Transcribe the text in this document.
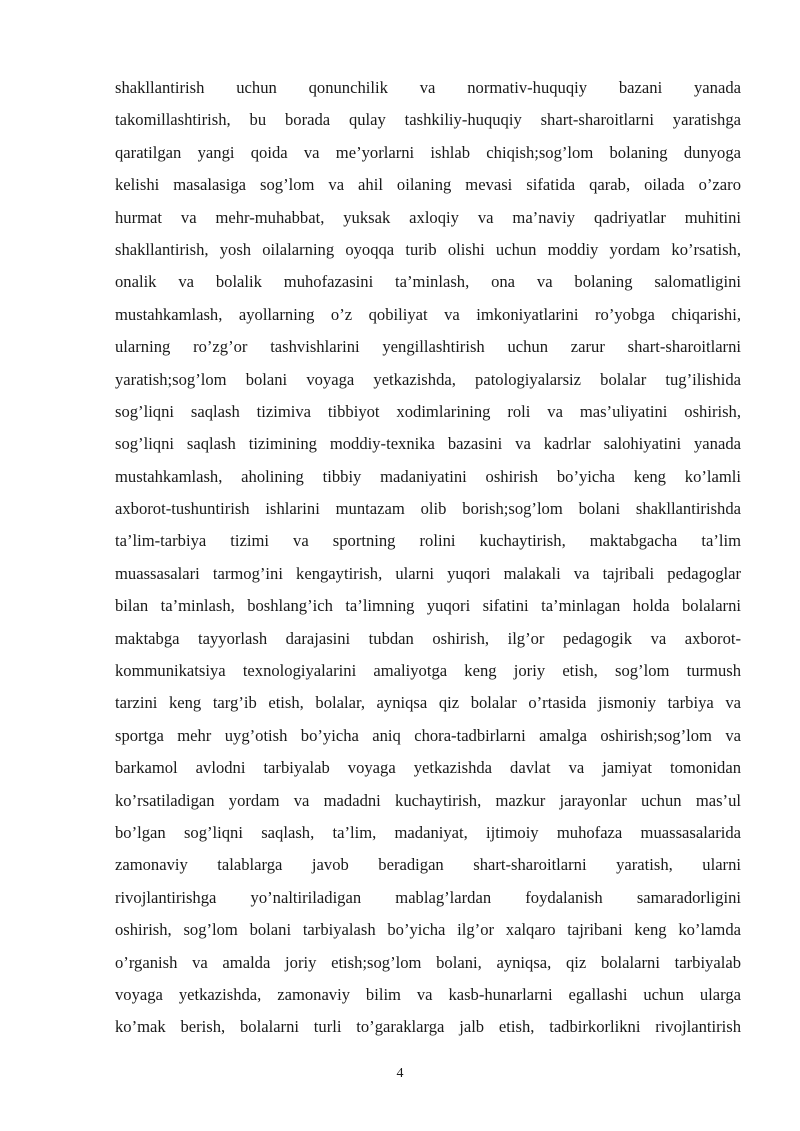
shakllantirish uchun qonunchilik va normativ-huquqiy bazani yanada
takomillashtirish, bu borada qulay tashkiliy-huquqiy shart-sharoitlarni yaratishga
qaratilgan yangi qoida va me’yorlarni ishlab chiqish;sog’lom bolaning dunyoga
kelishi masalasiga sog’lom va ahil oilaning mevasi sifatida qarab, oilada o’zaro
hurmat va mehr-muhabbat, yuksak axloqiy va ma’naviy qadriyatlar muhitini
shakllantirish, yosh oilalarning oyoqqa turib olishi uchun moddiy yordam ko’rsatish,
onalik va bolalik muhofazasini ta’minlash, ona va bolaning salomatligini
mustahkamlash, ayollarning o’z qobiliyat va imkoniyatlarini ro’yobga chiqarishi,
ularning ro’zg’or tashvishlarini yengillashtirish uchun zarur shart-sharoitlarni
yaratish;sog’lom bolani voyaga yetkazishda, patologiyalarsiz bolalar tug’ilishida
sog’liqni saqlash tizimiva tibbiyot xodimlarining roli va mas’uliyatini oshirish,
sog’liqni saqlash tizimining moddiy-texnika bazasini va kadrlar salohiyatini yanada
mustahkamlash, aholining tibbiy madaniyatini oshirish bo’yicha keng ko’lamli
axborot-tushuntirish ishlarini muntazam olib borish;sog’lom bolani shakllantirishda
ta’lim-tarbiya tizimi va sportning rolini kuchaytirish, maktabgacha ta’lim
muassasalari tarmog’ini kengaytirish, ularni yuqori malakali va tajribali pedagoglar
bilan ta’minlash, boshlang’ich ta’limning yuqori sifatini ta’minlagan holda bolalarni
maktabga tayyorlash darajasini tubdan oshirish, ilg’or pedagogik va axborot-
kommunikatsiya texnologiyalarini amaliyotga keng joriy etish, sog’lom turmush
tarzini keng targ’ib etish, bolalar, ayniqsa qiz bolalar o’rtasida jismoniy tarbiya va
sportga mehr uyg’otish bo’yicha aniq chora-tadbirlarni amalga oshirish;sog’lom va
barkamol avlodni tarbiyalab voyaga yetkazishda davlat va jamiyat tomonidan
ko’rsatiladigan yordam va madadni kuchaytirish, mazkur jarayonlar uchun mas’ul
bo’lgan sog’liqni saqlash, ta’lim, madaniyat, ijtimoiy muhofaza muassasalarida
zamonaviy talablarga javob beradigan shart-sharoitlarni yaratish, ularni
rivojlantirishga yo’naltiriladigan mablag’lardan foydalanish samaradorligini
oshirish, sog’lom bolani tarbiyalash bo’yicha ilg’or xalqaro tajribani keng ko’lamda
o’rganish va amalda joriy etish;sog’lom bolani, ayniqsa, qiz bolalarni tarbiyalab
voyaga yetkazishda, zamonaviy bilim va kasb-hunarlarni egallashi uchun ularga
ko’mak berish, bolalarni turli to’garaklarga jalb etish, tadbirkorlikni rivojlantirish
4
